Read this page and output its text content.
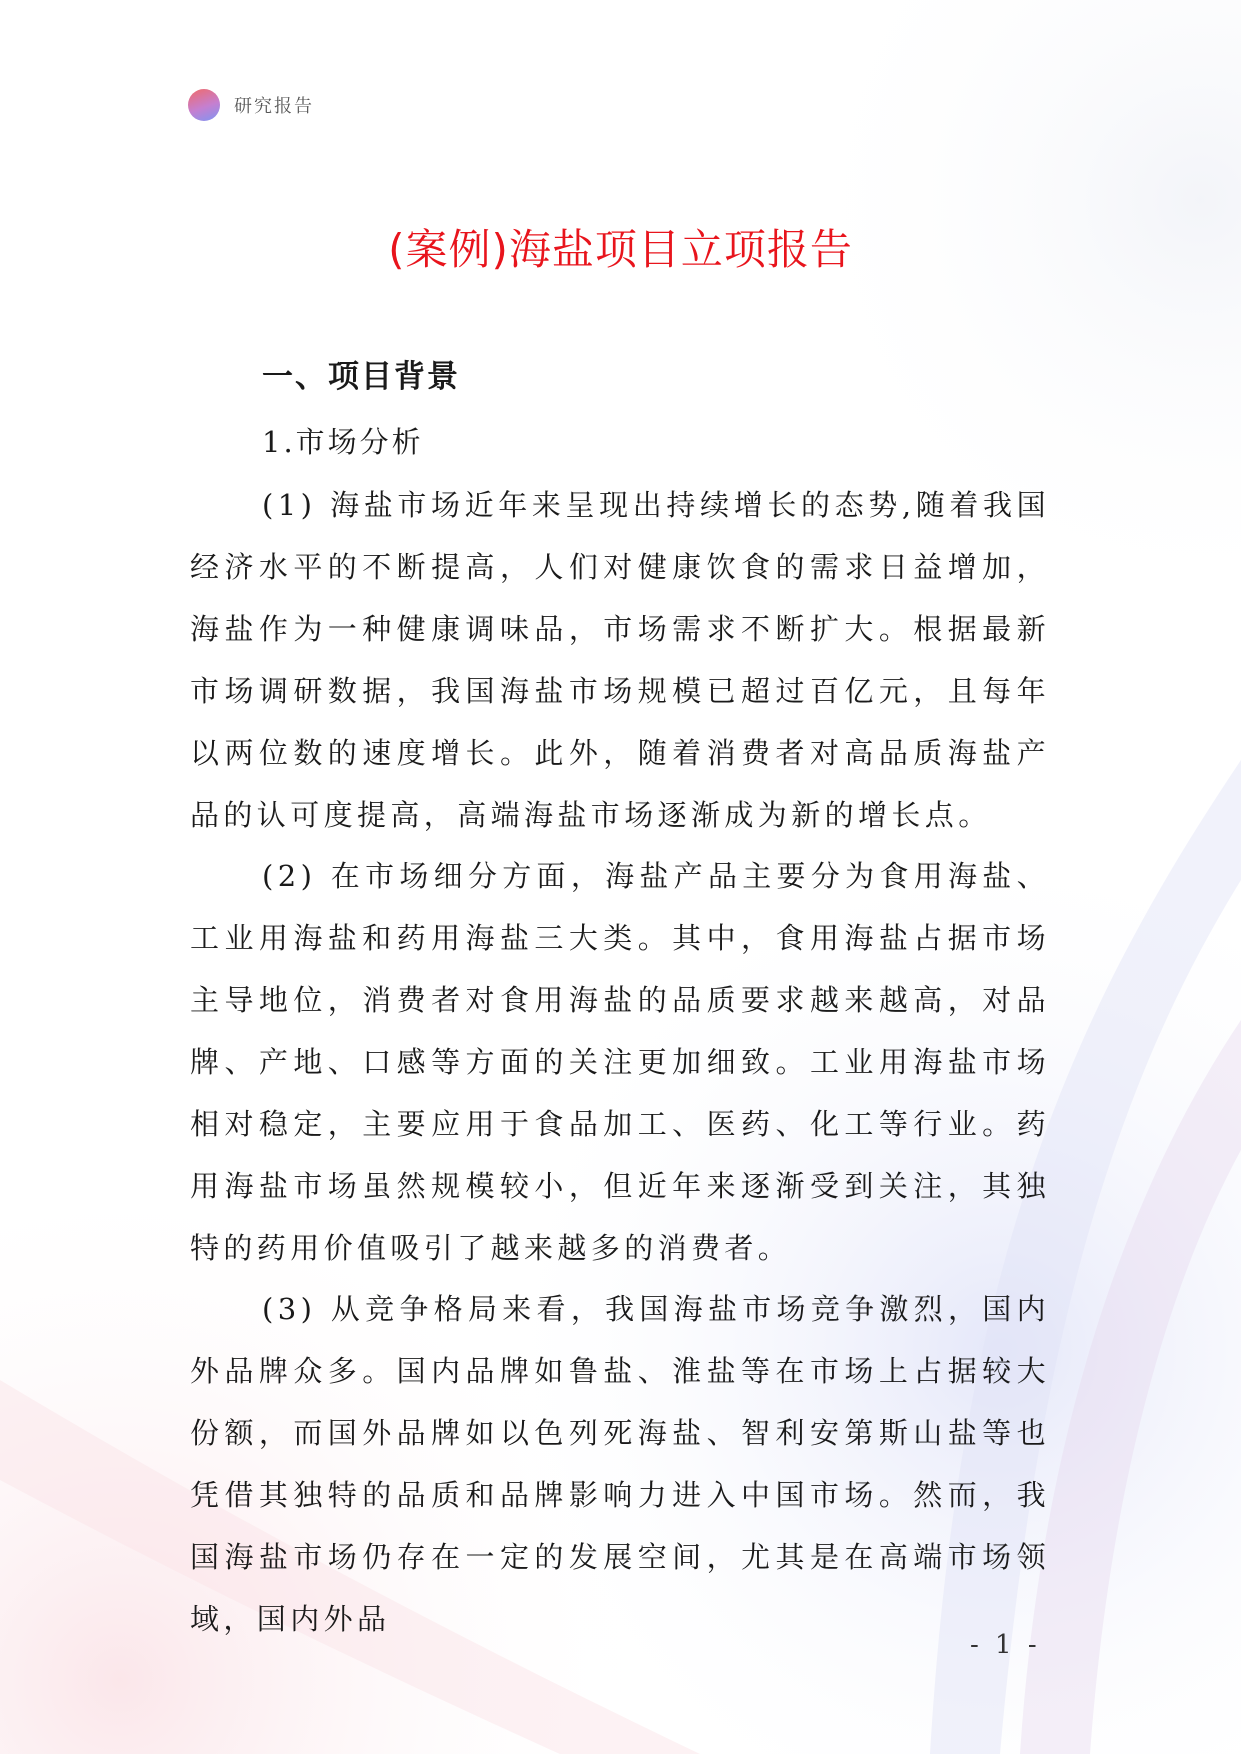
研究报告
(案例)海盐项目立项报告
一、项目背景
1.市场分析

(1) 海盐市场近年来呈现出持续增长的态势,随着我国经济水平的不断提高，人们对健康饮食的需求日益增加，海盐作为一种健康调味品，市场需求不断扩大。根据最新市场调研数据，我国海盐市场规模已超过百亿元，且每年以两位数的速度增长。此外，随着消费者对高品质海盐产品的认可度提高，高端海盐市场逐渐成为新的增长点。

(2) 在市场细分方面，海盐产品主要分为食用海盐、工业用海盐和药用海盐三大类。其中，食用海盐占据市场主导地位，消费者对食用海盐的品质要求越来越高，对品牌、产地、口感等方面的关注更加细致。工业用海盐市场相对稳定，主要应用于食品加工、医药、化工等行业。药用海盐市场虽然规模较小，但近年来逐渐受到关注，其独特的药用价值吸引了越来越多的消费者。

(3) 从竞争格局来看，我国海盐市场竞争激烈，国内外品牌众多。国内品牌如鲁盐、淮盐等在市场上占据较大份额，而国外品牌如以色列死海盐、智利安第斯山盐等也凭借其独特的品质和品牌影响力进入中国市场。然而，我国海盐市场仍存在一定的发展空间，尤其是在高端市场领域，国内外品

- 1 -
